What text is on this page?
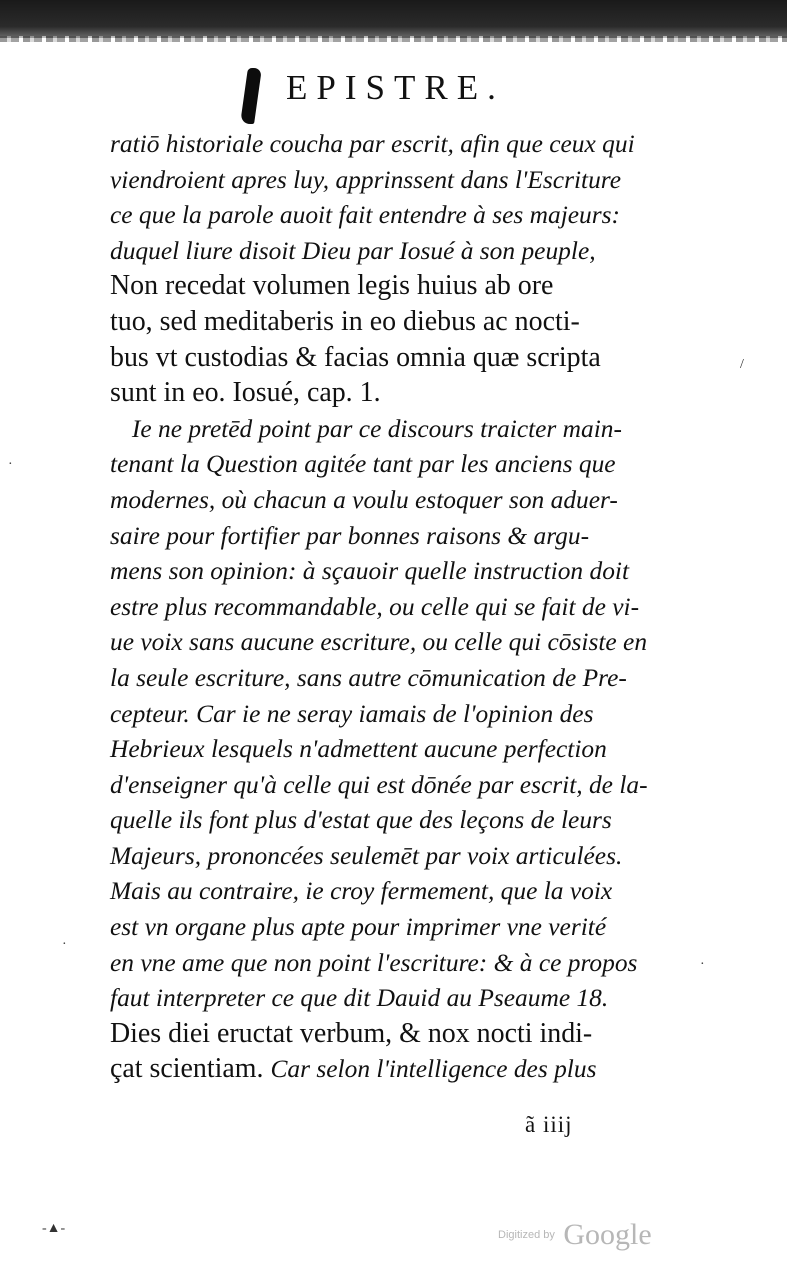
EPISTRE.
ratiō historiale coucha par escrit, afin que ceux qui
viendroient apres luy, apprinssent dans l'Escriture
ce que la parole auoit fait entendre à ses majeurs:
duquel liure disoit Dieu par Iosué à son peuple,
Non recedat volumen legis huius ab ore
tuo, sed meditaberis in eo diebus ac nocti-
bus vt custodias & facias omnia quæ scripta
sunt in eo. Iosué, cap. 1.
Ie ne pretēd point par ce discours traicter main-
tenant la Question agitée tant par les anciens que
modernes, où chacun a voulu estoquer son aduer-
saire pour fortifier par bonnes raisons & argu-
mens son opinion: à sçauoir quelle instruction doit
estre plus recommandable, ou celle qui se fait de vi-
ue voix sans aucune escriture, ou celle qui cōsiste en
la seule escriture, sans autre cōmunication de Pre-
cepteur. Car ie ne seray iamais de l'opinion des
Hebrieux lesquels n'admettent aucune perfection
d'enseigner qu'à celle qui est dōnée par escrit, de la-
quelle ils font plus d'estat que des leçons de leurs
Majeurs, prononcées seulemēt par voix articulées.
Mais au contraire, ie croy fermement, que la voix
est vn organe plus apte pour imprimer vne verité
en vne ame que non point l'escriture: & à ce propos
faut interpreter ce que dit Dauid au Pseaume 18.
Dies diei eructat verbum, & nox nocti indi-
çat scientiam. Car selon l'intelligence des plus
ã iiij
/
·
·
·
-▲-	Digitized by Google
